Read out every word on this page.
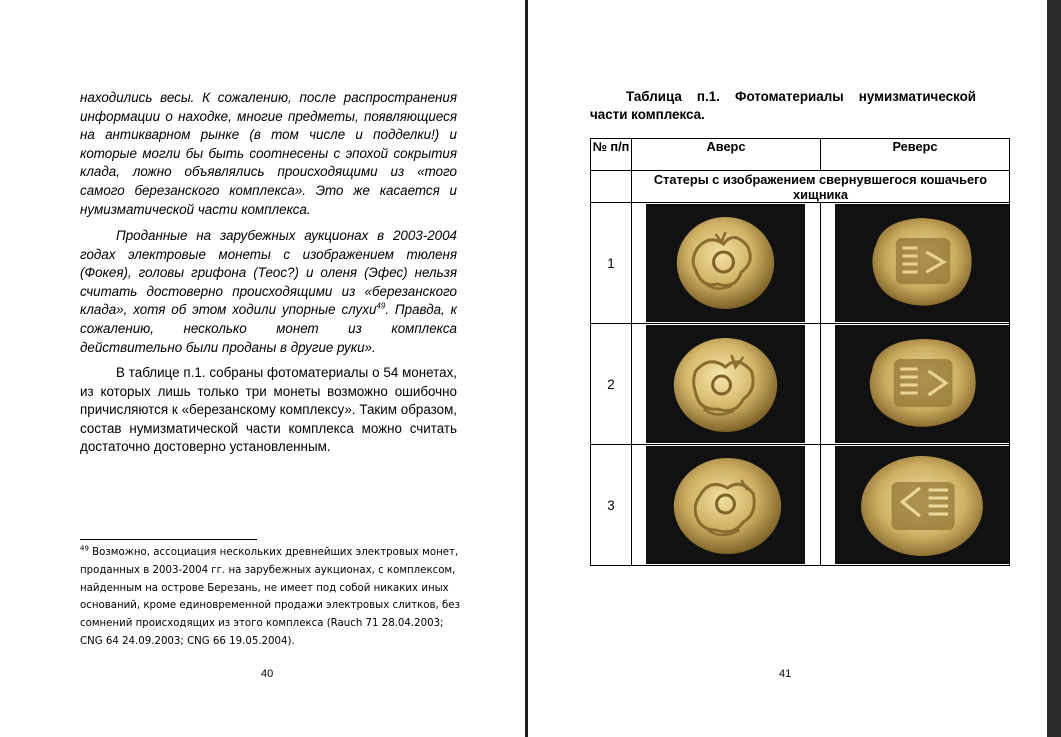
находились весы. К сожалению, после распространения информации о находке, многие предметы, появляющиеся на антикварном рынке (в том числе и подделки!) и которые могли бы быть соотнесены с эпохой сокрытия клада, ложно объявлялись происходящими из «того самого березанского комплекса». Это же касается и нумизматической части комплекса.

Проданные на зарубежных аукционах в 2003-2004 годах электровые монеты с изображением тюленя (Фокея), головы грифона (Теос?) и оленя (Эфес) нельзя считать достоверно происходящими из «березанского клада», хотя об этом ходили упорные слухи$^{49}$. Правда, к сожалению, несколько монет из комплекса действительно были проданы в другие руки».

В таблице п.1. собраны фотоматериалы о 54 монетах, из которых лишь только три монеты возможно ошибочно причисляются к «березанскому комплексу». Таким образом, состав нумизматической части комплекса можно считать достаточно достоверно установленным.

$^{49}$ Возможно, ассоциация нескольких древнейших электровых монет, проданных в 2003-2004 гг. на зарубежных аукционах, с комплексом, найденным на острове Березань, не имеет под собой никаких иных оснований, кроме единовременной продажи электровых слитков, без сомнений происходящих из этого комплекса (Rauch 71 28.04.2003; CNG 64 24.09.2003; CNG 66 19.05.2004).
40
Таблица п.1. Фотоматериалы нумизматической части комплекса.
№ п/п	Аверс	Реверс
	Статеры с изображением свернувшегося кошачьего хищника	
1	

2	

3	

41
